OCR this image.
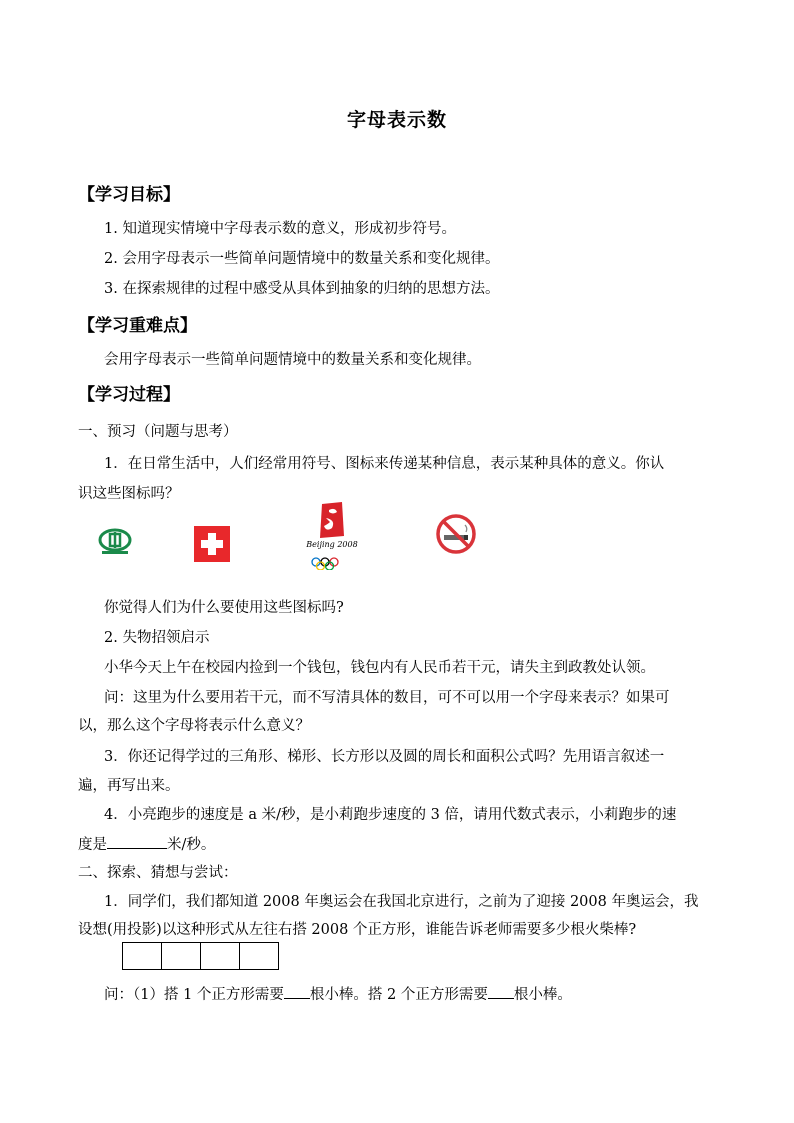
字母表示数
【学习目标】
1. 知道现实情境中字母表示数的意义，形成初步符号。
2. 会用字母表示一些简单问题情境中的数量关系和变化规律。
3. 在探索规律的过程中感受从具体到抽象的归纳的思想方法。
【学习重难点】
会用字母表示一些简单问题情境中的数量关系和变化规律。
【学习过程】
一、预习（问题与思考）
1．在日常生活中，人们经常用符号、图标来传递某种信息，表示某种具体的意义。你认
识这些图标吗？
Beijing 2008
你觉得人们为什么要使用这些图标吗?
2. 失物招领启示
小华今天上午在校园内捡到一个钱包，钱包内有人民币若干元，请失主到政教处认领。
问：这里为什么要用若干元，而不写清具体的数目，可不可以用一个字母来表示？如果可
以，那么这个字母将表示什么意义？
3．你还记得学过的三角形、梯形、长方形以及圆的周长和面积公式吗？先用语言叙述一
遍，再写出来。
4．小亮跑步的速度是 a 米/秒，是小莉跑步速度的 3 倍，请用代数式表示，小莉跑步的速
度是	米/秒。
二、探索、猜想与尝试：
1．同学们，我们都知道 2008 年奥运会在我国北京进行，之前为了迎接 2008 年奥运会，我
设想(用投影)以这种形式从左往右搭 2008 个正方形，谁能告诉老师需要多少根火柴棒?
问：（1）搭 1 个正方形需要 根小棒。搭 2 个正方形需要 根小棒。
